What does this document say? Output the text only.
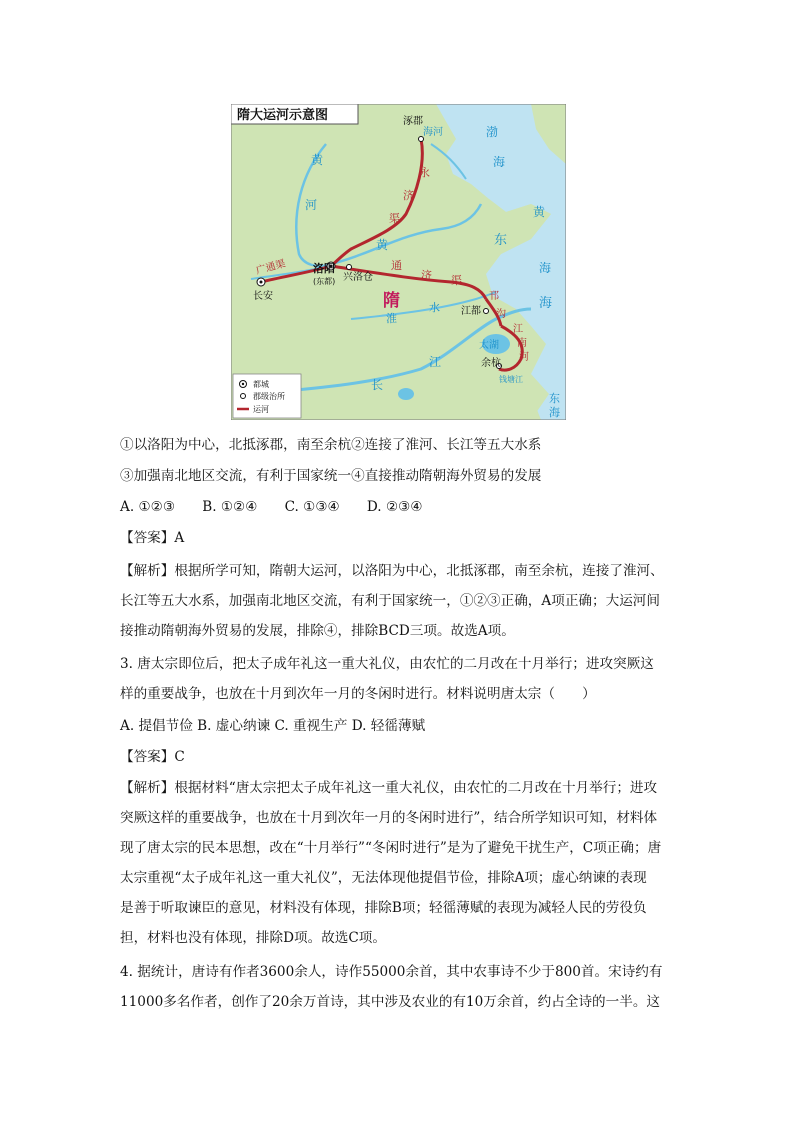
隋大运河示意图	涿郡
海河	渤
海
永
济
渠
黄
河
广通渠
长安
洛阳
(东都) 兴洛仓
黄
通
济 渠
隋
淮
水
邗
沟
江都
江
南
河
太湖
余杭
钱塘江
长
江
黄
海
东
海
东
海
都城
郡级治所
运河
①以洛阳为中心，北抵涿郡，南至余杭②连接了淮河、长江等五大水系
③加强南北地区交流，有利于国家统一④直接推动隋朝海外贸易的发展
A. ①②③　　B. ①②④　　C. ①③④　　D. ②③④
【答案】A
【解析】根据所学可知，隋朝大运河，以洛阳为中心，北抵涿郡，南至余杭，连接了淮河、
长江等五大水系，加强南北地区交流，有利于国家统一，①②③正确，A项正确；大运河间
接推动隋朝海外贸易的发展，排除④，排除BCD三项。故选A项。
3. 唐太宗即位后，把太子成年礼这一重大礼仪，由农忙的二月改在十月举行；进攻突厥这
样的重要战争，也放在十月到次年一月的冬闲时进行。材料说明唐太宗（　　）
A. 提倡节俭 B. 虚心纳谏 C. 重视生产 D. 轻徭薄赋
【答案】C
【解析】根据材料“唐太宗把太子成年礼这一重大礼仪，由农忙的二月改在十月举行；进攻
突厥这样的重要战争，也放在十月到次年一月的冬闲时进行”，结合所学知识可知，材料体
现了唐太宗的民本思想，改在“十月举行”“冬闲时进行”是为了避免干扰生产，C项正确；唐
太宗重视“太子成年礼这一重大礼仪”，无法体现他提倡节俭，排除A项；虚心纳谏的表现
是善于听取谏臣的意见，材料没有体现，排除B项；轻徭薄赋的表现为减轻人民的劳役负
担，材料也没有体现，排除D项。故选C项。
4. 据统计，唐诗有作者3600余人，诗作55000余首，其中农事诗不少于800首。宋诗约有
11000多名作者，创作了20余万首诗，其中涉及农业的有10万余首，约占全诗的一半。这
